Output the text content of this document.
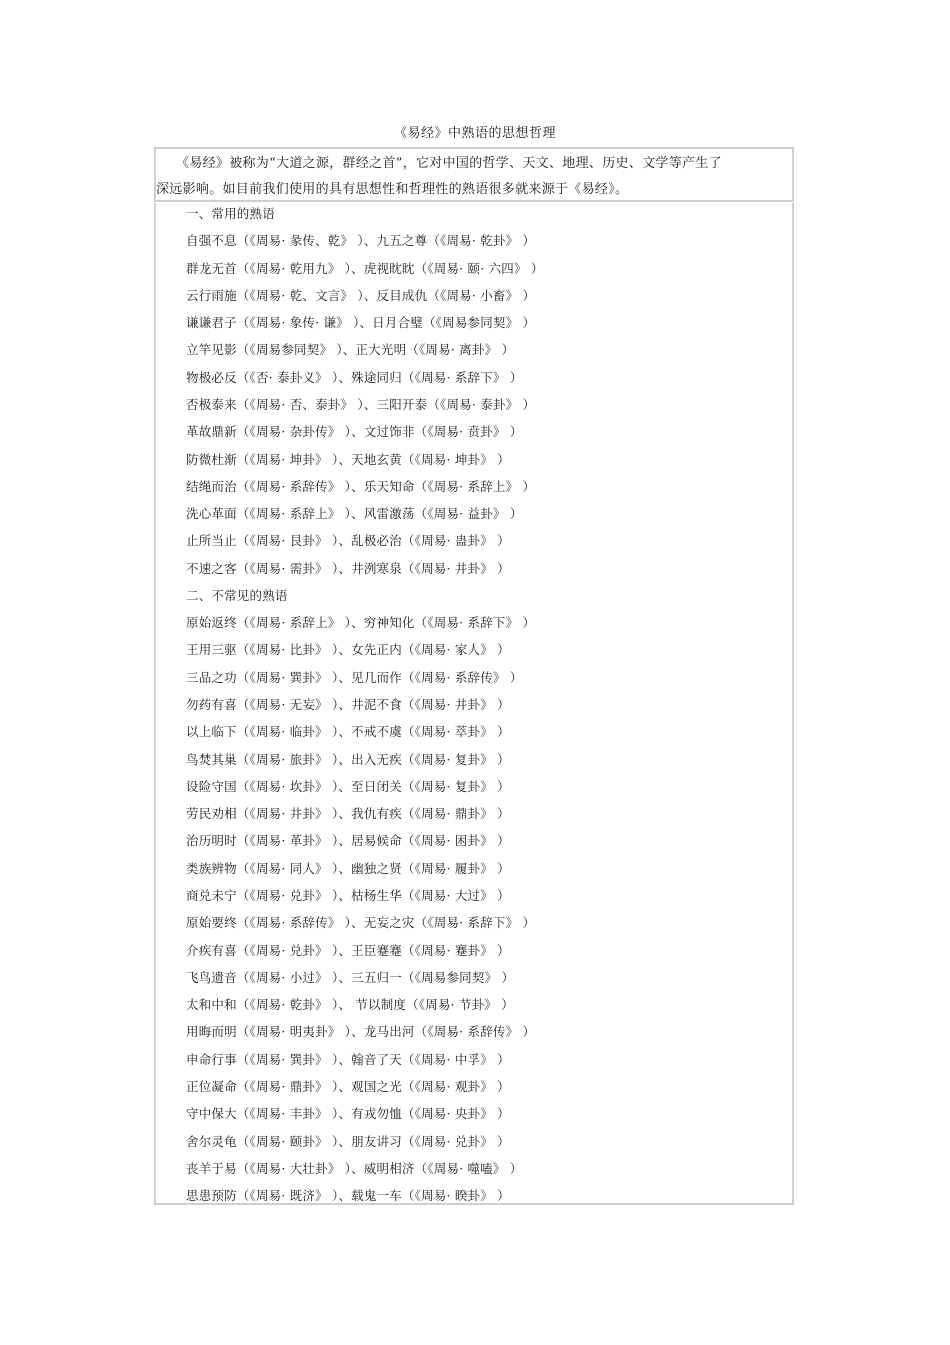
《易经》中熟语的思想哲理
《易经》被称为“大道之源，群经之首”，它对中国的哲学、天文、地理、历史、文学等产生了
深远影响。如目前我们使用的具有思想性和哲理性的熟语很多就来源于《易经》。
一、常用的熟语
自强不息（《周易· 彖传、乾》 ）、九五之尊（《周易· 乾卦》 ）
群龙无首（《周易· 乾用九》 ）、虎视眈眈（《周易· 颐· 六四》 ）
云行雨施（《周易· 乾、文言》 ）、反目成仇（《周易· 小畜》 ）
谦谦君子（《周易· 象传· 谦》 ）、日月合璧（《周易参同契》 ）
立竿见影（《周易参同契》 ）、正大光明（《周易· 离卦》 ）
物极必反（《否· 泰卦义》 ）、殊途同归（《周易· 系辞下》 ）
否极泰来（《周易· 否、泰卦》 ）、三阳开泰（《周易· 泰卦》 ）
革故鼎新（《周易· 杂卦传》 ）、文过饰非（《周易· 贲卦》 ）
防微杜渐（《周易· 坤卦》 ）、天地玄黄（《周易· 坤卦》 ）
结绳而治（《周易· 系辞传》 ）、乐天知命（《周易· 系辞上》 ）
洗心革面（《周易· 系辞上》 ）、风雷激荡（《周易· 益卦》 ）
止所当止（《周易· 艮卦》 ）、乱极必治（《周易· 蛊卦》 ）
不速之客（《周易· 需卦》 ）、井洌寒泉（《周易· 井卦》 ）
二、不常见的熟语
原始返终（《周易· 系辞上》 ）、穷神知化（《周易· 系辞下》 ）
王用三驱（《周易· 比卦》 ）、女先正内（《周易· 家人》 ）
三品之功（《周易· 巽卦》 ）、见几而作（《周易· 系辞传》 ）
勿药有喜（《周易· 无妄》 ）、井泥不食（《周易· 井卦》 ）
以上临下（《周易· 临卦》 ）、不戒不虞（《周易· 萃卦》 ）
鸟焚其巢（《周易· 旅卦》 ）、出入无疾（《周易· 复卦》 ）
设险守国（《周易· 坎卦》 ）、至日闭关（《周易· 复卦》 ）
劳民劝相（《周易· 井卦》 ）、我仇有疾（《周易· 鼎卦》 ）
治历明时（《周易· 革卦》 ）、居易候命（《周易· 困卦》 ）
类族辨物（《周易· 同人》 ）、幽独之贤（《周易· 履卦》 ）
商兑未宁（《周易· 兑卦》 ）、枯杨生华（《周易· 大过》 ）
原始要终（《周易· 系辞传》 ）、无妄之灾（《周易· 系辞下》 ）
介疾有喜（《周易· 兑卦》 ）、王臣蹇蹇（《周易· 蹇卦》 ）
飞鸟遗音（《周易· 小过》 ）、三五归一（《周易参同契》 ）
太和中和（《周易· 乾卦》 ）、 节以制度（《周易· 节卦》 ）
用晦而明（《周易· 明夷卦》 ）、龙马出河（《周易· 系辞传》 ）
申命行事（《周易· 巽卦》 ）、翰音了天（《周易· 中孚》 ）
正位凝命（《周易· 鼎卦》 ）、观国之光（《周易· 观卦》 ）
守中保大（《周易· 丰卦》 ）、有戎勿恤（《周易· 央卦》 ）
舍尔灵龟（《周易· 颐卦》 ）、朋友讲习（《周易· 兑卦》 ）
丧羊于易（《周易· 大壮卦》 ）、威明相济（《周易· 噬嗑》 ）
思患预防（《周易· 既济》 ）、载鬼一车（《周易· 睽卦》 ）
